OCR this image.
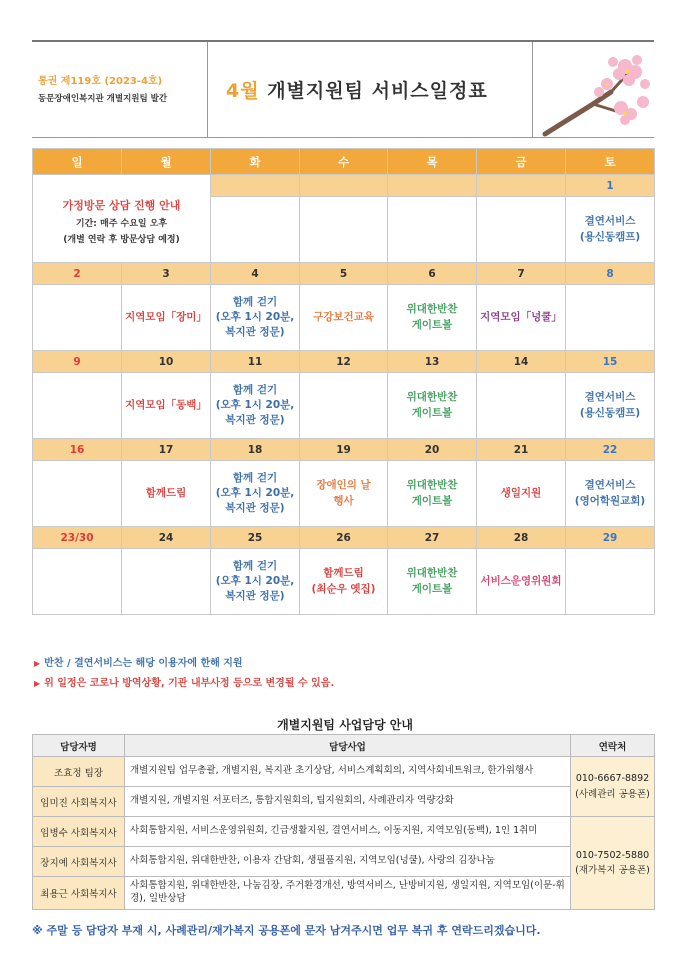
통권 제119호 (2023-4호)
동문장애인복지관 개별지원팀 발간	4월 개별지원팀 서비스일정표
일	월	화	수	목	금	토

가정방문 상담 진행 안내
기간: 매주 수요일 오후
(개별 연락 후 방문상담 예정)						1
						결연서비스
(용신동캠프)
2	3	4	5	6	7	8
	지역모임「장미」	함께 걷기
(오후 1시 20분,
복지관 정문)	구강보건교육	위대한반찬
게이트볼	지역모임「넝쿨」	
9	10	11	12	13	14	15
	지역모임「동백」	함께 걷기
(오후 1시 20분,
복지관 정문)		위대한반찬
게이트볼		결연서비스
(용신동캠프)
16	17	18	19	20	21	22
	함께드림	함께 걷기
(오후 1시 20분,
복지관 정문)	장애인의 날
행사	위대한반찬
게이트볼	생일지원	결연서비스
(영어학원교회)
23/30	24	25	26	27	28	29
		함께 걷기
(오후 1시 20분,
복지관 정문)	함께드림
(최순우 옛집)	위대한반찬
게이트볼	서비스운영위원회	
▶ 반찬 / 결연서비스는 해당 이용자에 한해 지원
▶ 위 일정은 코로나 방역상황, 기관 내부사정 등으로 변경될 수 있음.
개별지원팀 사업담당 안내
담당자명	담당사업	연락처
조효정 팀장	개별지원팀 업무총괄, 개별지원, 복지관 초기상담, 서비스계획회의, 지역사회네트워크, 한가위행사	010-6667-8892
(사례관리 공용폰)

임미진 사회복지사	개별지원, 개별지원 서포터즈, 통합지원회의, 팀지원회의, 사례관리자 역량강화	
임병수 사회복지사	사회통합지원, 서비스운영위원회, 긴급생활지원, 결연서비스, 이동지원, 지역모임(동백), 1인 1취미	010-7502-5880
(재가복지 공용폰)

장지예 사회복지사	사회통합지원, 위대한반찬, 이용자 간담회, 생필품지원, 지역모임(넝쿨), 사랑의 김장나눔	
최용근 사회복지사	사회통합지원, 위대한반찬, 나눔김장, 주거환경개선, 방역서비스, 난방비지원, 생일지원, 지역모임(이문-휘경), 일반상담	
※ 주말 등 담당자 부재 시, 사례관리/재가복지 공용폰에 문자 남겨주시면 업무 복귀 후 연락드리겠습니다.
